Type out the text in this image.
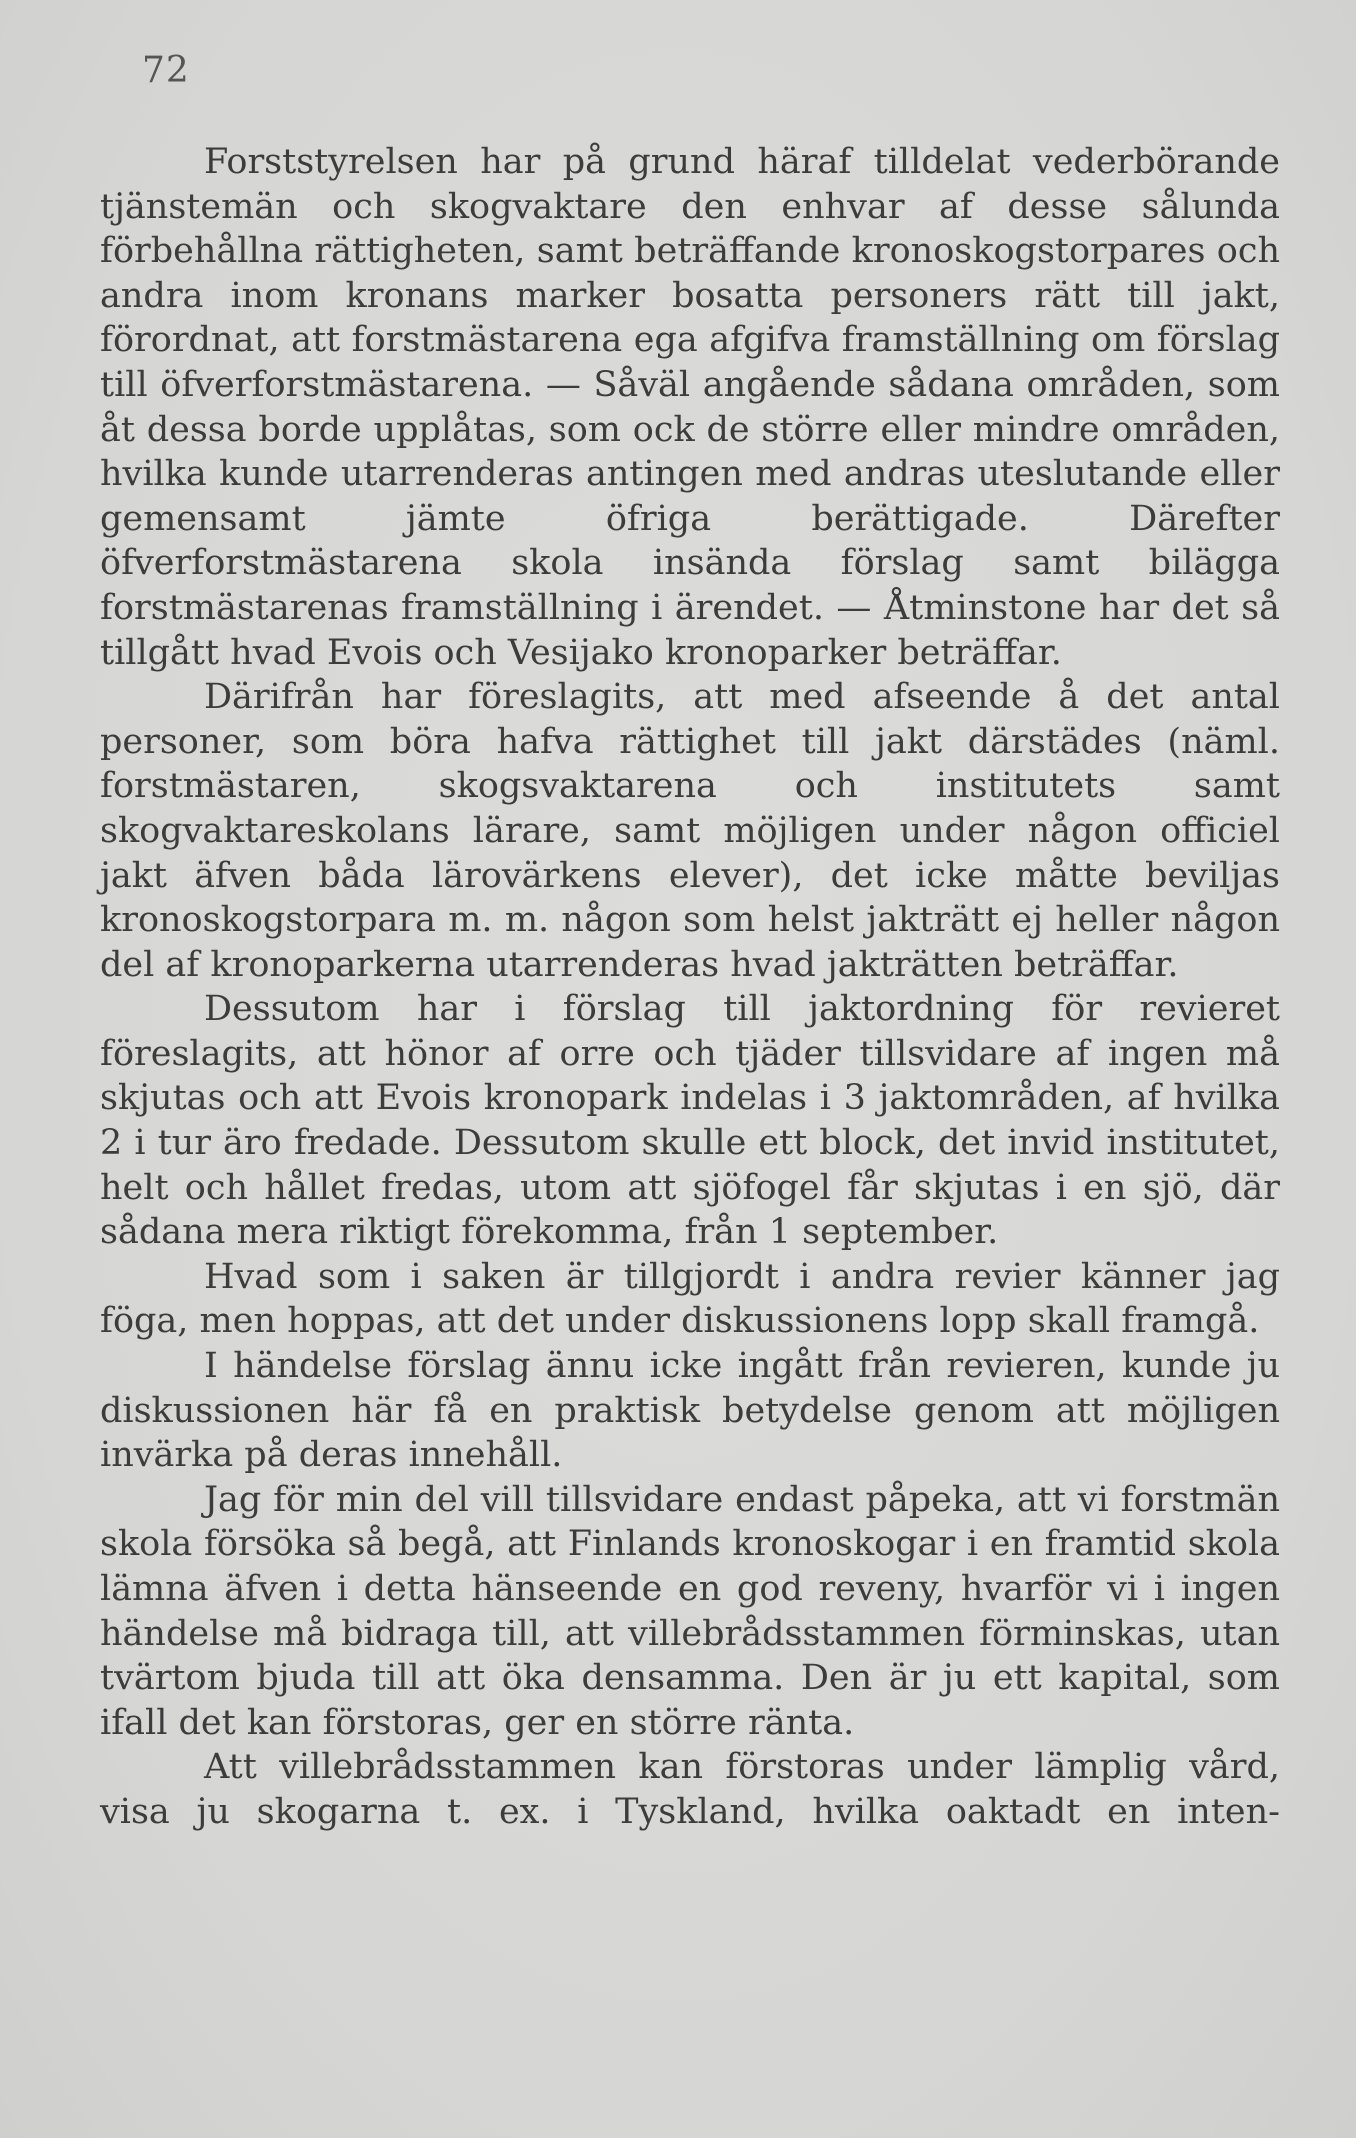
72

Forststyrelsen har på grund häraf tilldelat vederbörande tjänstemän och skogvaktare den enhvar af desse sålunda förbehållna rättigheten, samt beträffande kronoskogstorpares och andra inom kronans marker bosatta personers rätt till jakt, förordnat, att forstmästarena ega afgifva framställning om förslag till öfverforstmästarena. — Såväl angående sådana områden, som åt dessa borde upplåtas, som ock de större eller mindre områden, hvilka kunde utarrenderas antingen med andras uteslutande eller gemensamt jämte öfriga berättigade. Därefter öfverforstmästarena skola insända förslag samt bilägga forstmästarenas framställning i ärendet. — Åtminstone har det så tillgått hvad Evois och Vesijako kronoparker beträffar.

Därifrån har föreslagits, att med afseende å det antal personer, som böra hafva rättighet till jakt därstädes (näml. forstmästaren, skogsvaktarena och institutets samt skogvaktareskolans lärare, samt möjligen under någon officiel jakt äfven båda lärovärkens elever), det icke måtte beviljas kronoskogstorpara m. m. någon som helst jakträtt ej heller någon del af kronoparkerna utarrenderas hvad jakträtten beträffar.

Dessutom har i förslag till jaktordning för revieret föreslagits, att hönor af orre och tjäder tillsvidare af ingen må skjutas och att Evois kronopark indelas i 3 jaktområden, af hvilka 2 i tur äro fredade. Dessutom skulle ett block, det invid institutet, helt och hållet fredas, utom att sjöfogel får skjutas i en sjö, där sådana mera riktigt förekomma, från 1 september.

Hvad som i saken är tillgjordt i andra revier känner jag föga, men hoppas, att det under diskussionens lopp skall framgå.

I händelse förslag ännu icke ingått från revieren, kunde ju diskussionen här få en praktisk betydelse genom att möjligen invärka på deras innehåll.

Jag för min del vill tillsvidare endast påpeka, att vi forstmän skola försöka så begå, att Finlands kronoskogar i en framtid skola lämna äfven i detta hänseende en god reveny, hvarför vi i ingen händelse må bidraga till, att villebrådsstammen förminskas, utan tvärtom bjuda till att öka densamma. Den är ju ett kapital, som ifall det kan förstoras, ger en större ränta.

Att villebrådsstammen kan förstoras under lämplig vård, visa ju skogarna t. ex. i Tyskland, hvilka oaktadt en inten-
